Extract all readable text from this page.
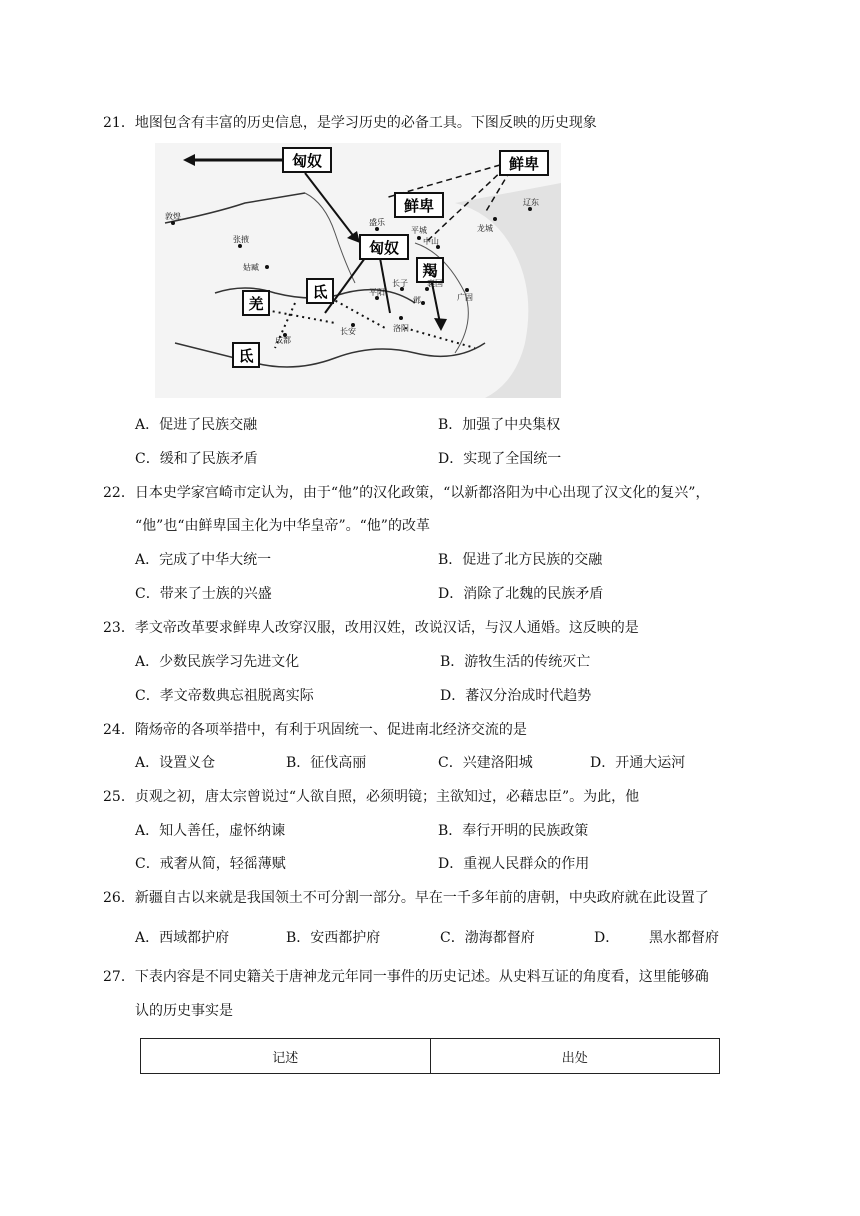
21．地图包含有丰富的历史信息，是学习历史的必备工具。下图反映的历史现象
匈奴	鲜卑
鲜卑
匈奴
羯
氐
羌
氐
敦煌
张掖
姑臧
盛乐
平城
中山
龙城
辽东
长子 襄国
邺
平阳
广固
长安	洛阳
成都
A．促进了民族交融	B．加强了中央集权
C．缓和了民族矛盾	D．实现了全国统一
22．日本史学家宫崎市定认为，由于“他”的汉化政策，“以新都洛阳为中心出现了汉文化的复兴”，
“他”也“由鲜卑国主化为中华皇帝”。“他”的改革
A．完成了中华大统一	B．促进了北方民族的交融
C．带来了士族的兴盛	D．消除了北魏的民族矛盾
23．孝文帝改革要求鲜卑人改穿汉服，改用汉姓，改说汉话，与汉人通婚。这反映的是
A．少数民族学习先进文化	B．游牧生活的传统灭亡
C．孝文帝数典忘祖脱离实际	D．蕃汉分治成时代趋势
24．隋炀帝的各项举措中，有利于巩固统一、促进南北经济交流的是
A．设置义仓	B．征伐高丽	C．兴建洛阳城	D．开通大运河
25．贞观之初，唐太宗曾说过“人欲自照，必须明镜；主欲知过，必藉忠臣”。为此，他
A．知人善任，虚怀纳谏	B．奉行开明的民族政策
C．戒奢从简，轻徭薄赋	D．重视人民群众的作用
26．新疆自古以来就是我国领土不可分割一部分。早在一千多年前的唐朝，中央政府就在此设置了
A．西域都护府	B．安西都护府	C．渤海都督府	D． 黑水都督府
27．下表内容是不同史籍关于唐神龙元年同一事件的历史记述。从史料互证的角度看，这里能够确
认的历史事实是
记述	出处
